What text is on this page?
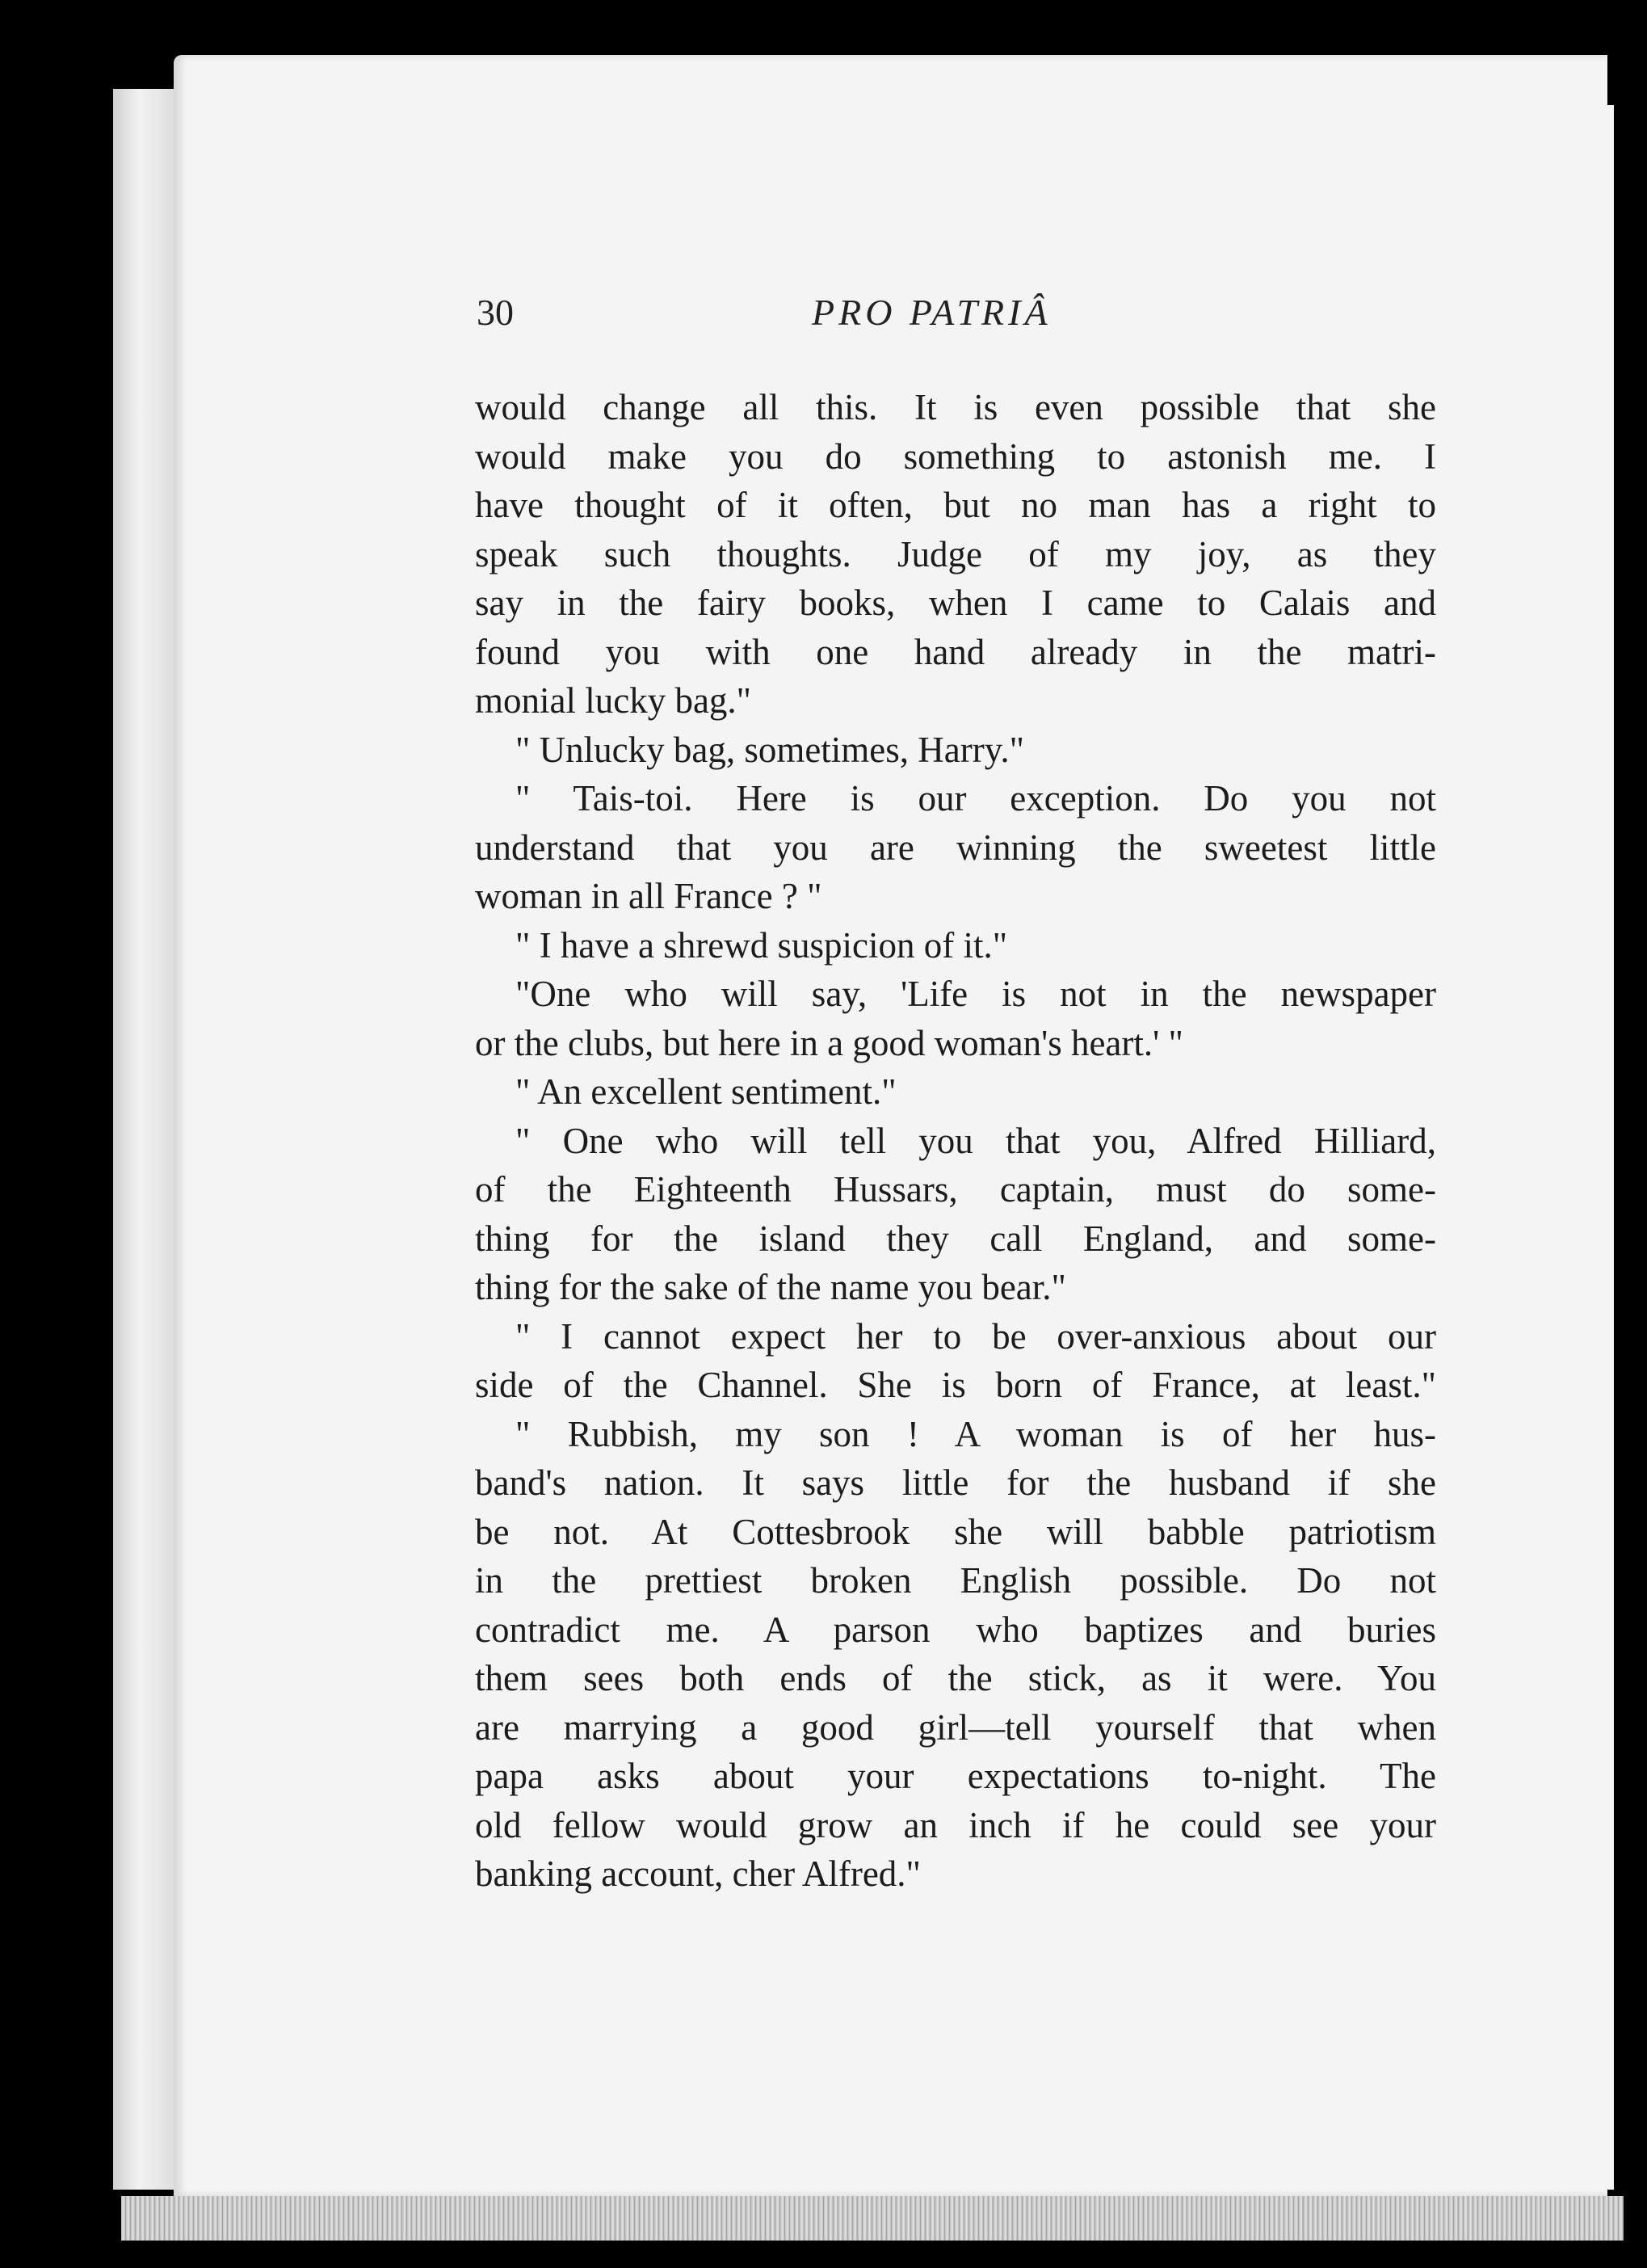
30	PRO PATRIÂ
would change all this. It is even possible that she
would make you do something to astonish me. I
have thought of it often, but no man has a right to
speak such thoughts. Judge of my joy, as they
say in the fairy books, when I came to Calais and
found you with one hand already in the matri-
monial lucky bag."
" Unlucky bag, sometimes, Harry."
" Tais-toi. Here is our exception. Do you not
understand that you are winning the sweetest little
woman in all France ? "
" I have a shrewd suspicion of it."
"One who will say, 'Life is not in the newspaper
or the clubs, but here in a good woman's heart.' "
" An excellent sentiment."
" One who will tell you that you, Alfred Hilliard,
of the Eighteenth Hussars, captain, must do some-
thing for the island they call England, and some-
thing for the sake of the name you bear."
" I cannot expect her to be over-anxious about our
side of the Channel. She is born of France, at least."
" Rubbish, my son ! A woman is of her hus-
band's nation. It says little for the husband if she
be not. At Cottesbrook she will babble patriotism
in the prettiest broken English possible. Do not
contradict me. A parson who baptizes and buries
them sees both ends of the stick, as it were. You
are marrying a good girl—tell yourself that when
papa asks about your expectations to-night. The
old fellow would grow an inch if he could see your
banking account, cher Alfred."
